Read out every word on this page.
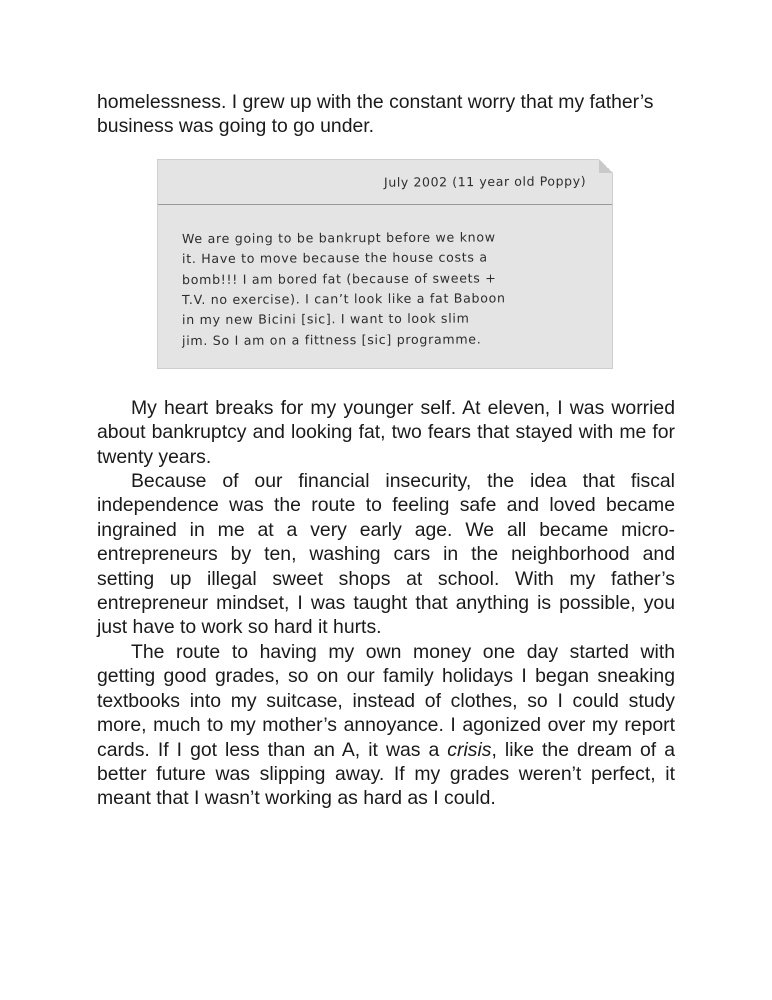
homelessness. I grew up with the constant worry that my father’s business was going to go under.

July 2002 (11 year old Poppy)
We are going to be bankrupt before we know
it. Have to move because the house costs a
bomb!!! I am bored fat (because of sweets +
T.V. no exercise). I can’t look like a fat Baboon
in my new Bicini [sic]. I want to look slim
jim. So I am on a fittness [sic] programme.

My heart breaks for my younger self. At eleven, I was worried about bankruptcy and looking fat, two fears that stayed with me for twenty years.

Because of our financial insecurity, the idea that fiscal independence was the route to feeling safe and loved became ingrained in me at a very early age. We all became micro-entrepreneurs by ten, washing cars in the neighborhood and setting up illegal sweet shops at school. With my father’s entrepreneur mindset, I was taught that anything is possible, you just have to work so hard it hurts.

The route to having my own money one day started with getting good grades, so on our family holidays I began sneaking textbooks into my suitcase, instead of clothes, so I could study more, much to my mother’s annoyance. I agonized over my report cards. If I got less than an A, it was a crisis, like the dream of a better future was slipping away. If my grades weren’t perfect, it meant that I wasn’t working as hard as I could.
